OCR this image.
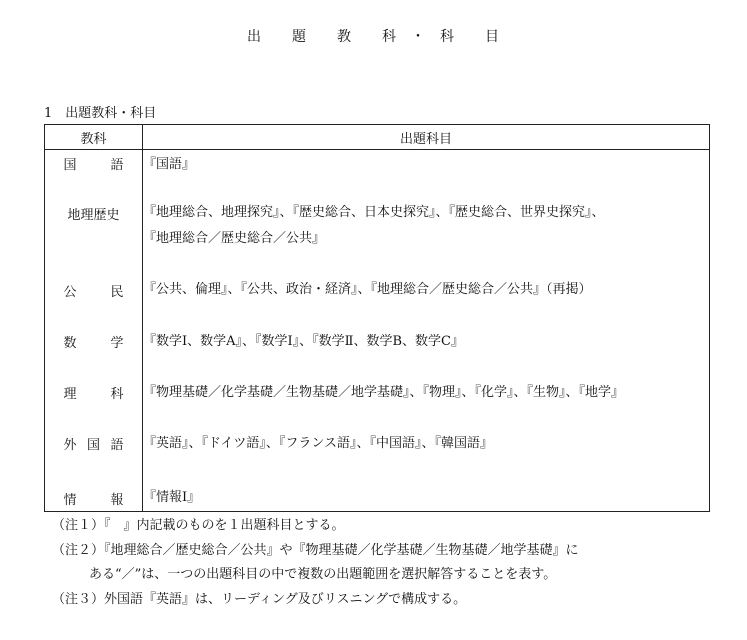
出 題 教 科 ・ 科 目
1　出題教科・科目
教科	出題科目
国語	『国語』

地理歴史	『地理総合、地理探究』、『歴史総合、日本史探究』、『歴史総合、世界史探究』、
『地理総合／歴史総合／公共』

公民	『公共、倫理』、『公共、政治・経済』、『地理総合／歴史総合／公共』（再掲）

数学	『数学Ⅰ、数学A』、『数学Ⅰ』、『数学Ⅱ、数学B、数学C』

理科	『物理基礎／化学基礎／生物基礎／地学基礎』、『物理』、『化学』、『生物』、『地学』

外国語	『英語』、『ドイツ語』、『フランス語』、『中国語』、『韓国語』

情報	『情報Ⅰ』
（注１）『　』内記載のものを１出題科目とする。
（注２）『地理総合／歴史総合／公共』や『物理基礎／化学基礎／生物基礎／地学基礎』に
ある“／”は、一つの出題科目の中で複数の出題範囲を選択解答することを表す。
（注３）外国語『英語』は、リーディング及びリスニングで構成する。
